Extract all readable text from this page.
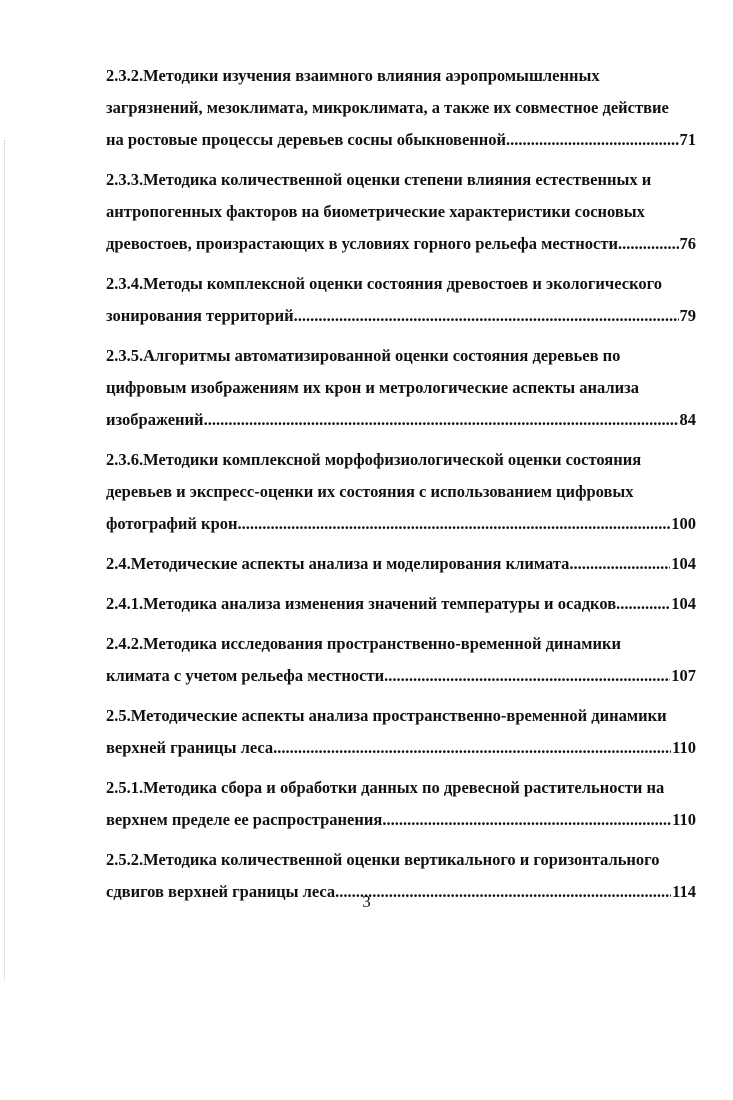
2.3.2.Методики изучения взаимного влияния аэропромышленных
загрязнений, мезоклимата, микроклимата, а также их совместное действие
на ростовые процессы деревьев сосны обыкновенной .....	71
2.3.3.Методика количественной оценки степени влияния естественных и
антропогенных факторов на биометрические характеристики сосновых
древостоев, произрастающих в условиях горного рельефа местности .....	76
2.3.4.Методы комплексной оценки состояния древостоев и экологического
зонирования территорий .....	79
2.3.5.Алгоритмы автоматизированной оценки состояния деревьев по
цифровым изображениям их крон и метрологические аспекты анализа
изображений .....	84
2.3.6.Методики комплексной морфофизиологической оценки состояния
деревьев и экспресс-оценки их состояния с использованием цифровых
фотографий крон .....	100
2.4.Методические аспекты анализа и моделирования климата .....	104
2.4.1.Методика анализа изменения значений температуры и осадков .....	104
2.4.2.Методика исследования пространственно-временной динамики
климата с учетом рельефа местности .....	107
2.5.Методические аспекты анализа пространственно-временной динамики
верхней границы леса .....	110
2.5.1.Методика сбора и обработки данных по древесной растительности на
верхнем пределе ее распространения .....	110
2.5.2.Методика количественной оценки вертикального и горизонтального
сдвигов верхней границы леса .....	114
3
